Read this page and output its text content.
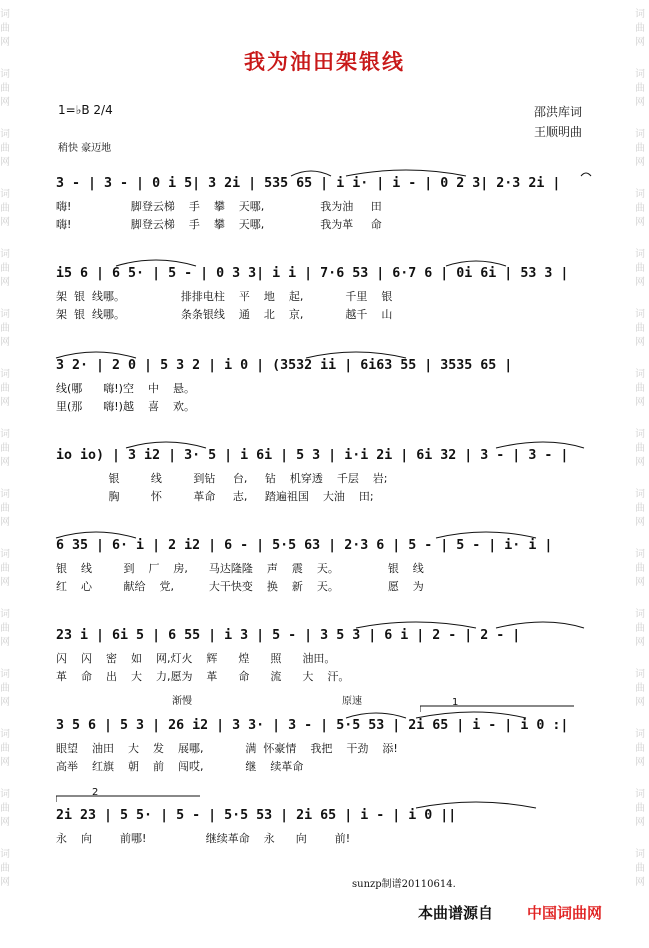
词
曲
网

词
曲
网

词
曲
网

词
曲
网

词
曲
网

词
曲
网

词
曲
网

词
曲
网

词
曲
网

词
曲
网

词
曲
网

词
曲
网

词
曲
网

词
曲
网

词
曲
网

词
曲
网

词
曲
网

词
曲
网

词
曲
网

词
曲
网

词
曲
网

词
曲
网

词
曲
网

词
曲
网

词
曲
网

词
曲
网

词
曲
网

词
曲
网

词
曲
网

词
曲
网

我为油田架银线
1=♭B 2/4	邵洪库词
王顺明曲
稍快 豪迈地
3 - | 3 - | 0 i 5| 3 2i | 535 65 | i i· | i - | 0 2 3| 2·3 2i |
嗨!                 脚登云梯    手    攀    天哪,                我为油     田
嗨!                 脚登云梯    手    攀    天哪,                我为革     命
i5 6 | 6 5· | 5 - | 0 3 3| i i | 7·6 53 | 6·7 6 | 0i 6i | 53 3 |
架  银  线哪。                排排电柱    平    地    起,            千里    银
架  银  线哪。                条条银线    通    北    京,            越千    山
3 2· | 2 0 | 5 3 2 | i 0 | (3532 ii | 6i63 55 | 3535 65 |
线(哪      嗨!)空    中    悬。
里(那      嗨!)越    喜    欢。
io io) | 3 i2 | 3· 5 | i 6i | 5 3 | i·i 2i | 6i 32 | 3 - | 3 - |
银         线         到钻     台,     钻    机穿透    千层    岩;
胸         怀         革命     志,     踏遍祖国    大油    田;
6 35 | 6· i | 2 i2 | 6 - | 5·5 63 | 2·3 6 | 5 - | 5 - | i· i |
银    线         到    厂    房,      马达隆隆    声    震    天。              银    线
红    心         献给    党,          大干快变    换    新    天。              愿    为
23 i | 6i 5 | 6 55 | i 3 | 5 - | 3 5 3 | 6 i | 2 - | 2 - |
闪    闪    密    如    网,灯火    辉      煌      照      油田。
革    命    出    大    力,愿为    革      命      流      大    汗。
渐慢	原速	1
3 5 6 | 5 3 | 26 i2 | 3 3· | 3 - | 5·5 53 | 2i 65 | i - | i 0 :|
眼望    油田    大    发    展哪,            满  怀豪情    我把    干劲    添!
高举    红旗    朝    前    闯哎,            继    续革命
2
2i 23 | 5 5· | 5 - | 5·5 53 | 2i 65 | i - | i 0 ||
永    向        前哪!                 继续革命    永      向        前!
sunzp制谱20110614.
本曲谱源自 中国词曲网
